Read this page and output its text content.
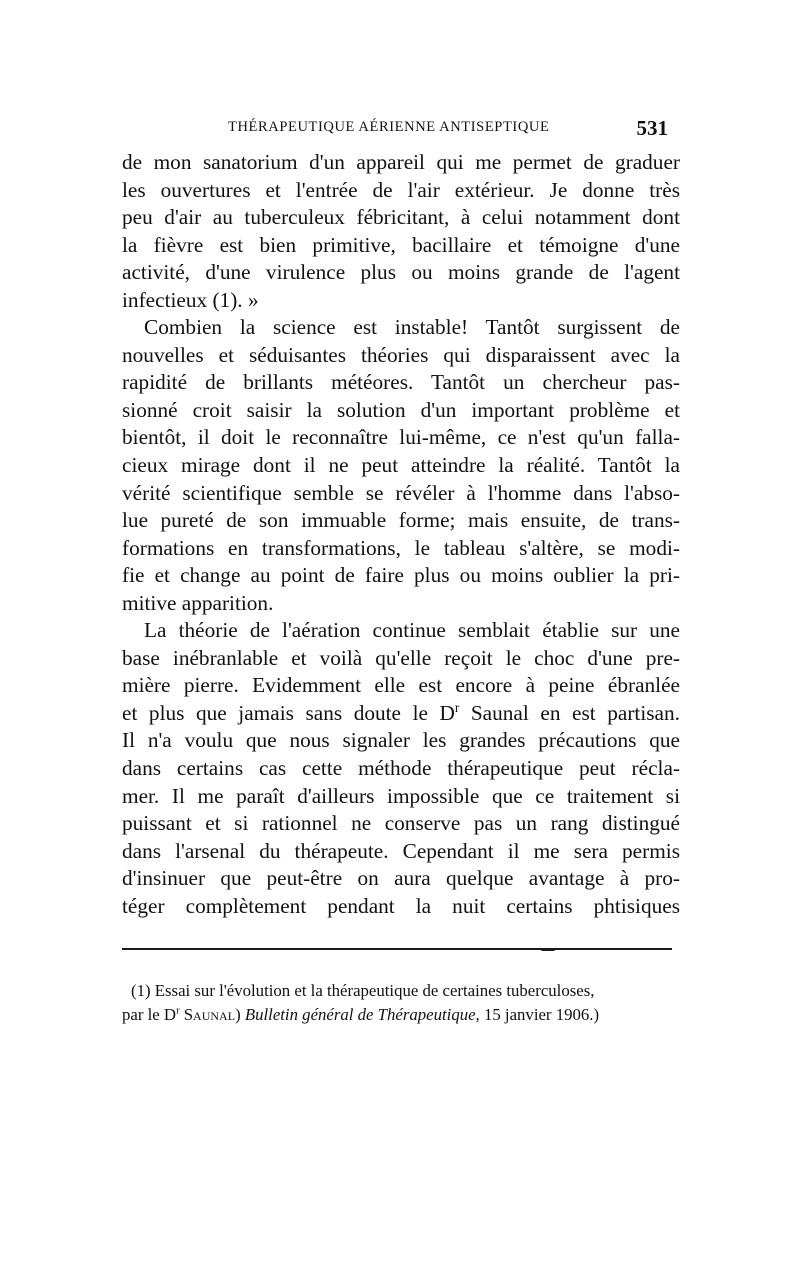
THÉRAPEUTIQUE AÉRIENNE ANTISEPTIQUE	531
de mon sanatorium d'un appareil qui me permet de graduer
les ouvertures et l'entrée de l'air extérieur. Je donne très
peu d'air au tuberculeux fébricitant, à celui notamment dont
la fièvre est bien primitive, bacillaire et témoigne d'une
activité, d'une virulence plus ou moins grande de l'agent
infectieux (1). »
Combien la science est instable! Tantôt surgissent de
nouvelles et séduisantes théories qui disparaissent avec la
rapidité de brillants météores. Tantôt un chercheur pas-
sionné croit saisir la solution d'un important problème et
bientôt, il doit le reconnaître lui-même, ce n'est qu'un falla-
cieux mirage dont il ne peut atteindre la réalité. Tantôt la
vérité scientifique semble se révéler à l'homme dans l'abso-
lue pureté de son immuable forme; mais ensuite, de trans-
formations en transformations, le tableau s'altère, se modi-
fie et change au point de faire plus ou moins oublier la pri-
mitive apparition.
La théorie de l'aération continue semblait établie sur une
base inébranlable et voilà qu'elle reçoit le choc d'une pre-
mière pierre. Evidemment elle est encore à peine ébranlée
et plus que jamais sans doute le $D^r$ Saunal en est partisan.
Il n'a voulu que nous signaler les grandes précautions que
dans certains cas cette méthode thérapeutique peut récla-
mer. Il me paraît d'ailleurs impossible que ce traitement si
puissant et si rationnel ne conserve pas un rang distingué
dans l'arsenal du thérapeute. Cependant il me sera permis
d'insinuer que peut-être on aura quelque avantage à pro-
téger complètement pendant la nuit certains phtisiques
(1) Essai sur l'évolution et la thérapeutique de certaines tuberculoses,
par le $D^r$ Saunal) Bulletin général de Thérapeutique, 15 janvier 1906.)
